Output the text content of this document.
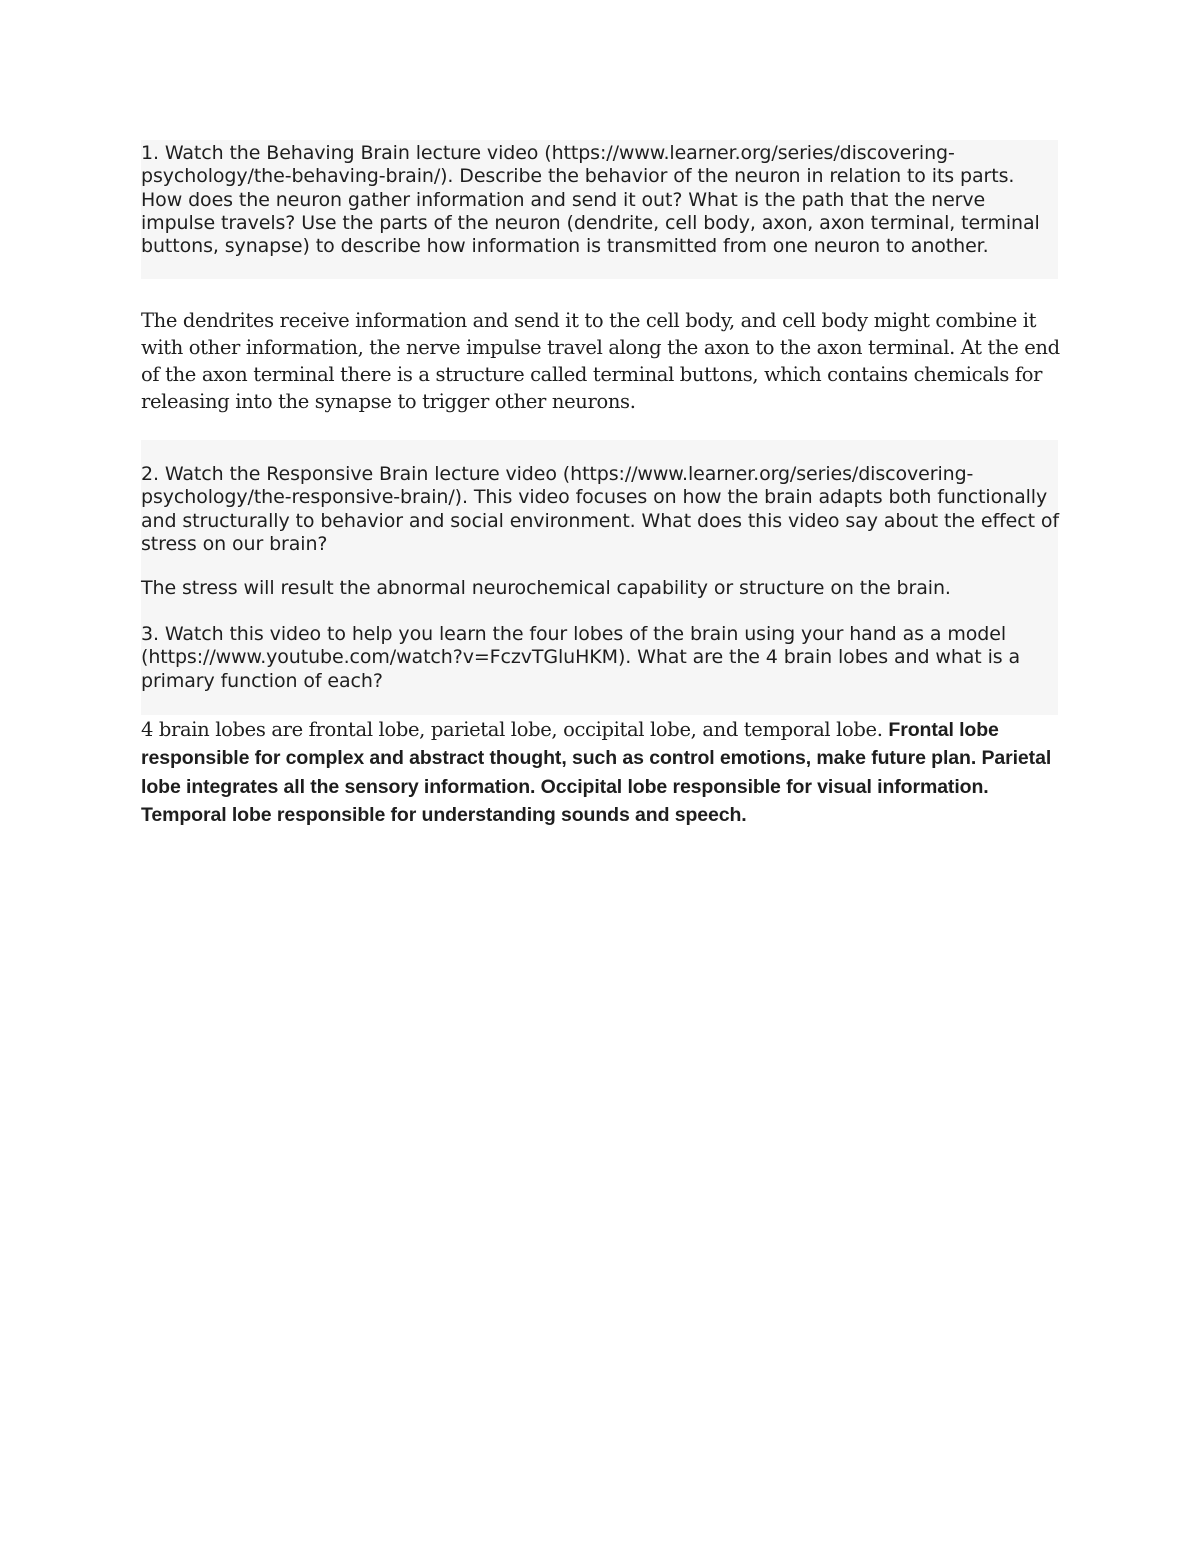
1. Watch the Behaving Brain lecture video (https://www.learner.org/series/discovering-psychology/the-behaving-brain/). Describe the behavior of the neuron in relation to its parts. How does the neuron gather information and send it out? What is the path that the nerve impulse travels? Use the parts of the neuron (dendrite, cell body, axon, axon terminal, terminal buttons, synapse) to describe how information is transmitted from one neuron to another.

The dendrites receive information and send it to the cell body, and cell body might combine it with other information, the nerve impulse travel along the axon to the axon terminal. At the end of the axon terminal there is a structure called terminal buttons, which contains chemicals for releasing into the synapse to trigger other neurons.

2. Watch the Responsive Brain lecture video (https://www.learner.org/series/discovering-psychology/the-responsive-brain/). This video focuses on how the brain adapts both functionally and structurally to behavior and social environment. What does this video say about the effect of stress on our brain?

The stress will result the abnormal neurochemical capability or structure on the brain.

3. Watch this video to help you learn the four lobes of the brain using your hand as a model (https://www.youtube.com/watch?v=FczvTGluHKM). What are the 4 brain lobes and what is a primary function of each?

4 brain lobes are frontal lobe, parietal lobe, occipital lobe, and temporal lobe. Frontal lobe responsible for complex and abstract thought, such as control emotions, make future plan. Parietal lobe integrates all the sensory information. Occipital lobe responsible for visual information. Temporal lobe responsible for understanding sounds and speech.
